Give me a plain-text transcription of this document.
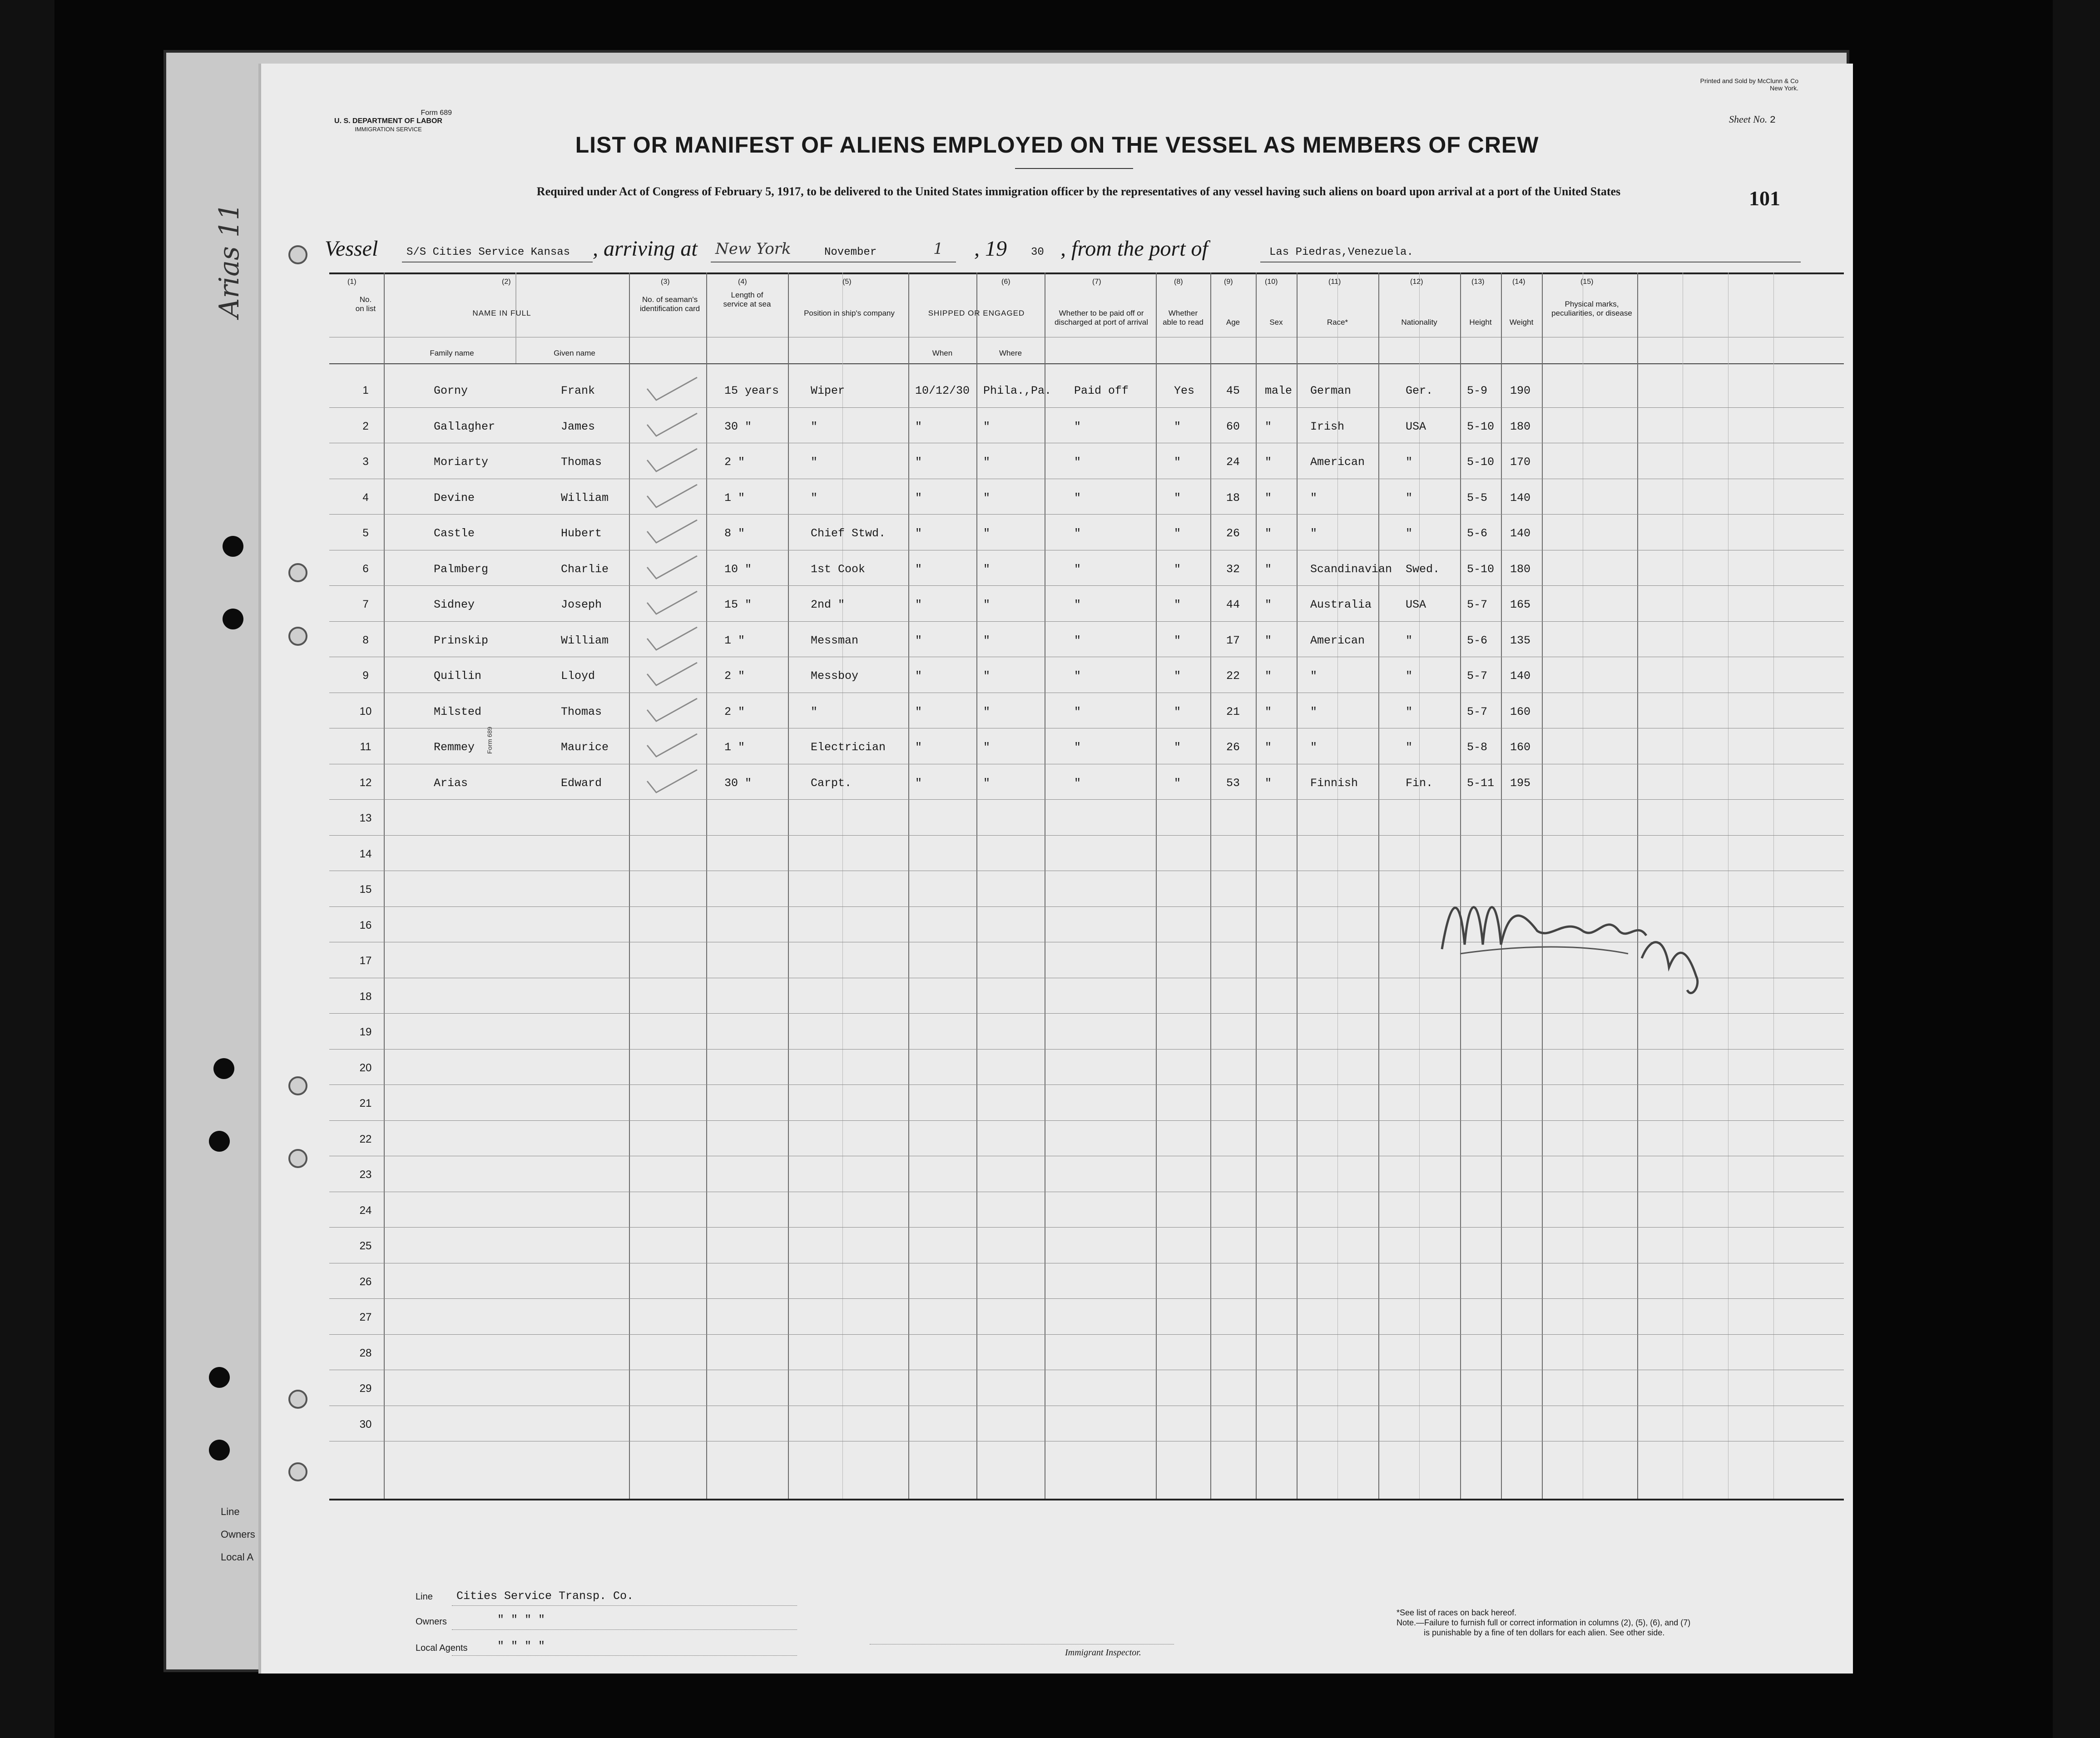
Line
Owners
Local A
Arias 11
Form 689
Form 689
U. S. DEPARTMENT OF LABOR
IMMIGRATION SERVICE
Printed and Sold by McClunn & Co
New York.
Sheet No. 2
LIST OR MANIFEST OF ALIENS EMPLOYED ON THE VESSEL AS MEMBERS OF CREW
Required under Act of Congress of February 5, 1917, to be delivered to the United States immigration officer by the representatives of any vessel having such aliens on board upon arrival at a port of the United States	101
Vessel	S/S Cities Service Kansas , arriving at New York	November	1 , 19 30 , from the port of	Las Piedras,Venezuela.
(1)	(2)	(3)	(4)	(5)	(6)	(7)	(8)	(9)	(10)	(11)	(12)	(13)	(14)	(15)
No. on list
NAME IN FULL
Family name	Given name
No. of seaman's identification card
Length of service at sea
Position in ship's company	SHIPPED OR ENGAGED
When	Where
Whether to be paid off or discharged at port of arrival
Whether able to read	Age	Sex	Race*	Nationality	Height	Weight
Physical marks, peculiarities, or disease
1	Gorny	Frank	15 years	Wiper	10/12/30 Phila.,Pa. Paid off	Yes	45 male German	Ger.	5-9 190
2	Gallagher	James	30 "	"	"	"	"	"	60 "	Irish	USA	5-10 180
3	Moriarty	Thomas	2 "	"	"	"	"	"	24 "	American	"	5-10 170
4	Devine	William	1 "	"	"	"	"	"	18 "	"	"	5-5 140
5	Castle	Hubert	8 "	Chief Stwd.	"	"	"	"	26 "	"	"	5-6 140
6	Palmberg	Charlie	10 "	1st Cook	"	"	"	"	32 "	Scandinavian Swed. 5-10 180
7	Sidney	Joseph	15 "	2nd "	"	"	"	"	44 "	Australia	USA	5-7 165
8	Prinskip	William	1 "	Messman	"	"	"	"	17 "	American	"	5-6 135
9	Quillin	Lloyd	2 "	Messboy	"	"	"	"	22 "	"	"	5-7 140
10	Milsted	Thomas	2 "	"	"	"	"	"	21 "	"	"	5-7 160
11	Remmey	Maurice	1 "	Electrician	"	"	"	"	26 "	"	"	5-8 160
12	Arias	Edward	30 "	Carpt.	"	"	"	"	53 "	Finnish	Fin.	5-11 195
13
14
15
16
17
18
19
20
21
22
23
24
25
26
27
28
29
30
Line Cities Service Transp. Co.
Owners	" " " "
Local Agents	" " " "	Immigrant Inspector.
*See list of races on back hereof.
Note.—Failure to furnish full or correct information in columns (2), (5), (6), and (7)
is punishable by a fine of ten dollars for each alien. See other side.
